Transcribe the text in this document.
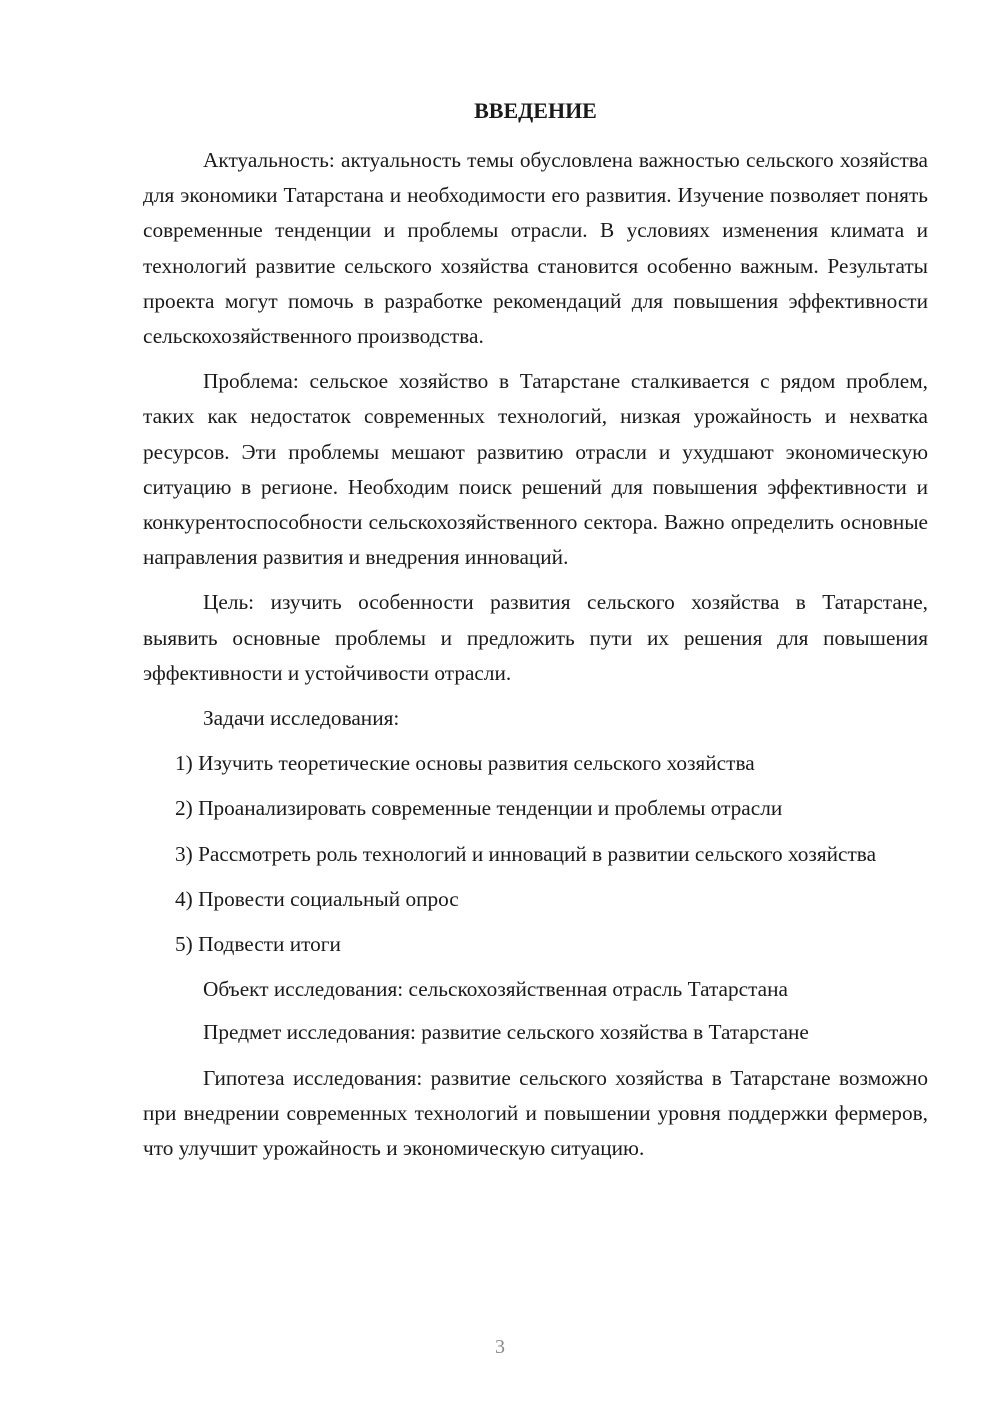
ВВЕДЕНИЕ

Актуальность: актуальность темы обусловлена важностью сельского хозяйства для экономики Татарстана и необходимости его развития. Изучение позволяет понять современные тенденции и проблемы отрасли. В условиях изменения климата и технологий развитие сельского хозяйства становится особенно важным. Результаты проекта могут помочь в разработке рекомендаций для повышения эффективности сельскохозяйственного производства.

Проблема: сельское хозяйство в Татарстане сталкивается с рядом проблем, таких как недостаток современных технологий, низкая урожайность и нехватка ресурсов. Эти проблемы мешают развитию отрасли и ухудшают экономическую ситуацию в регионе. Необходим поиск решений для повышения эффективности и конкурентоспособности сельскохозяйственного сектора. Важно определить основные направления развития и внедрения инноваций.

Цель: изучить особенности развития сельского хозяйства в Татарстане, выявить основные проблемы и предложить пути их решения для повышения эффективности и устойчивости отрасли.

Задачи исследования:

1) Изучить теоретические основы развития сельского хозяйства

2) Проанализировать современные тенденции и проблемы отрасли

3) Рассмотреть роль технологий и инноваций в развитии сельского хозяйства

4) Провести социальный опрос

5) Подвести итоги

Объект исследования: сельскохозяйственная отрасль Татарстана

Предмет исследования: развитие сельского хозяйства в Татарстане

Гипотеза исследования: развитие сельского хозяйства в Татарстане возможно при внедрении современных технологий и повышении уровня поддержки фермеров, что улучшит урожайность и экономическую ситуацию.

3
